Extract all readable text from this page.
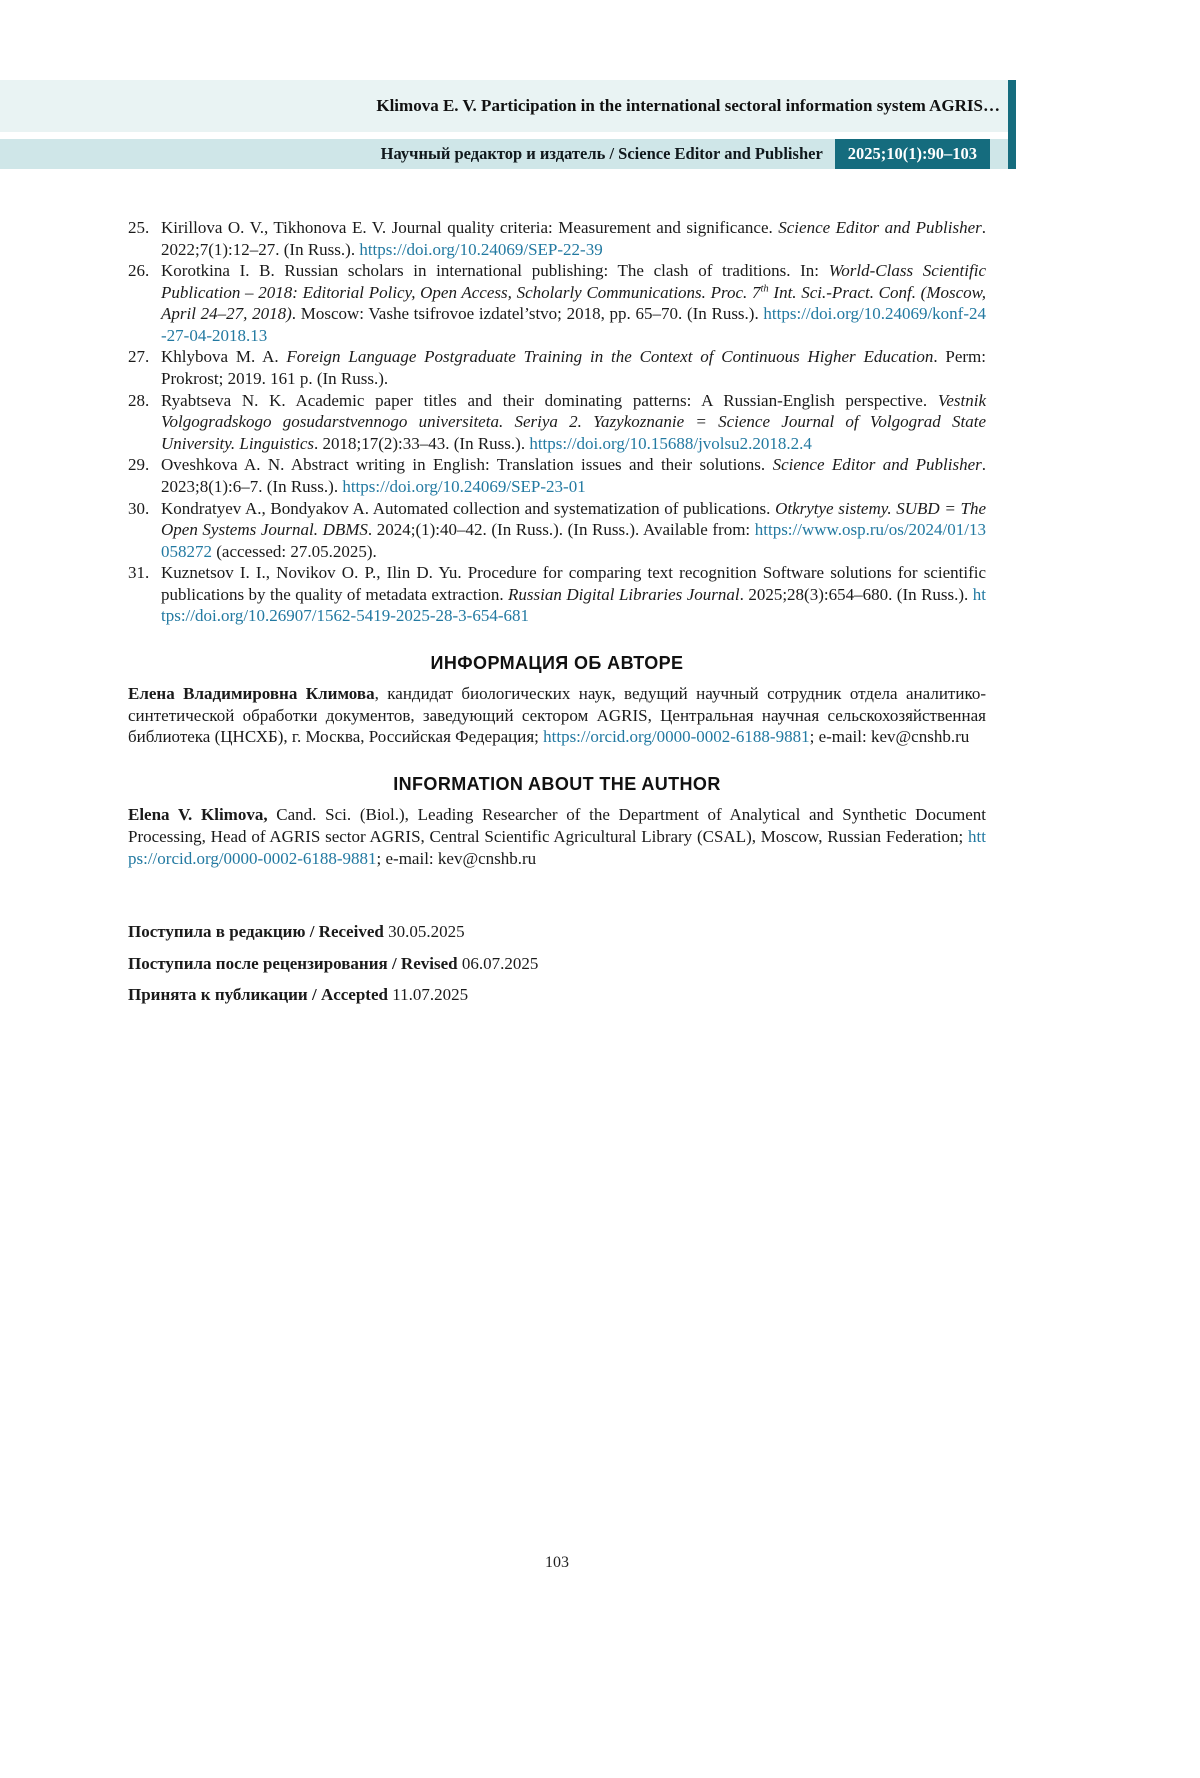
Klimova E. V. Participation in the international sectoral information system AGRIS…
Научный редактор и издатель / Science Editor and Publisher	2025;10(1):90–103
25. Kirillova O. V., Tikhonova E. V. Journal quality criteria: Measurement and significance. Science Editor and Publisher. 2022;7(1):12–27. (In Russ.). https://doi.org/10.24069/SEP-22-39
26. Korotkina I. B. Russian scholars in international publishing: The clash of traditions. In: World-Class Scientific Publication – 2018: Editorial Policy, Open Access, Scholarly Communications. Proc. 7th Int. Sci.-Pract. Conf. (Moscow, April 24–27, 2018). Moscow: Vashe tsifrovoe izdatel’stvo; 2018, pp. 65–70. (In Russ.). https://doi.org/10.24069/konf-24-27-04-2018.13
27. Khlybova M. A. Foreign Language Postgraduate Training in the Context of Continuous Higher Education. Perm: Prokrost; 2019. 161 p. (In Russ.).
28. Ryabtseva N. K. Academic paper titles and their dominating patterns: A Russian-English perspective. Vestnik Volgogradskogo gosudarstvennogo universiteta. Seriya 2. Yazykoznanie = Science Journal of Volgograd State University. Linguistics. 2018;17(2):33–43. (In Russ.). https://doi.org/10.15688/jvolsu2.2018.2.4
29. Oveshkova A. N. Abstract writing in English: Translation issues and their solutions. Science Editor and Publisher. 2023;8(1):6–7. (In Russ.). https://doi.org/10.24069/SEP-23-01
30. Kondratyev A., Bondyakov A. Automated collection and systematization of publications. Otkrytye sistemy. SUBD = The Open Systems Journal. DBMS. 2024;(1):40–42. (In Russ.). (In Russ.). Available from: https://www.osp.ru/os/2024/01/13058272 (accessed: 27.05.2025).
31. Kuznetsov I. I., Novikov O. P., Ilin D. Yu. Procedure for comparing text recognition Software solutions for scientific publications by the quality of metadata extraction. Russian Digital Libraries Journal. 2025;28(3):654–680. (In Russ.). https://doi.org/10.26907/1562-5419-2025-28-3-654-681
ИНФОРМАЦИЯ ОБ АВТОРЕ

Елена Владимировна Климова, кандидат биологических наук, ведущий научный сотрудник отдела аналитико-синтетической обработки документов, заведующий сектором AGRIS, Центральная научная сельскохозяйственная библиотека (ЦНСХБ), г. Москва, Российская Федерация; https://orcid.org/0000-0002-6188-9881; e-mail: kev@cnshb.ru

INFORMATION ABOUT THE AUTHOR

Elena V. Klimova, Cand. Sci. (Biol.), Leading Researcher of the Department of Analytical and Synthetic Document Processing, Head of AGRIS sector AGRIS, Central Scientific Agricultural Library (CSAL), Moscow, Russian Federation; https://orcid.org/0000-0002-6188-9881; e-mail: kev@cnshb.ru

Поступила в редакцию / Received 30.05.2025

Поступила после рецензирования / Revised 06.07.2025

Принята к публикации / Accepted 11.07.2025

103
